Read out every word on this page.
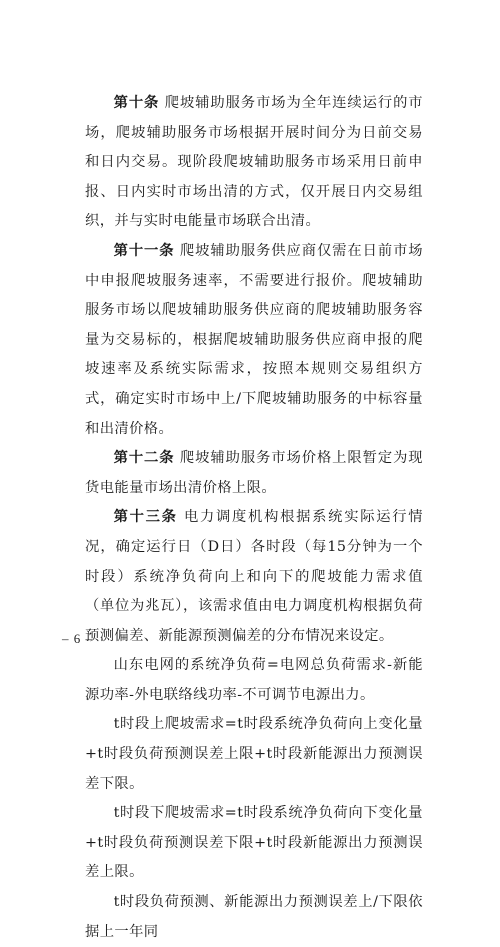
第十条 爬坡辅助服务市场为全年连续运行的市场，爬坡辅助服务市场根据开展时间分为日前交易和日内交易。现阶段爬坡辅助服务市场采用日前申报、日内实时市场出清的方式，仅开展日内交易组织，并与实时电能量市场联合出清。

第十一条 爬坡辅助服务供应商仅需在日前市场中申报爬坡服务速率，不需要进行报价。爬坡辅助服务市场以爬坡辅助服务供应商的爬坡辅助服务容量为交易标的，根据爬坡辅助服务供应商申报的爬坡速率及系统实际需求，按照本规则交易组织方式，确定实时市场中上/下爬坡辅助服务的中标容量和出清价格。

第十二条 爬坡辅助服务市场价格上限暂定为现货电能量市场出清价格上限。

第十三条 电力调度机构根据系统实际运行情况，确定运行日（D日）各时段（每15分钟为一个时段）系统净负荷向上和向下的爬坡能力需求值（单位为兆瓦），该需求值由电力调度机构根据负荷预测偏差、新能源预测偏差的分布情况来设定。

山东电网的系统净负荷=电网总负荷需求-新能源功率-外电联络线功率-不可调节电源出力。

t时段上爬坡需求=t时段系统净负荷向上变化量+t时段负荷预测误差上限+t时段新能源出力预测误差下限。

t时段下爬坡需求=t时段系统净负荷向下变化量+t时段负荷预测误差下限+t时段新能源出力预测误差上限。

t时段负荷预测、新能源出力预测误差上/下限依据上一年同

– 6 –
